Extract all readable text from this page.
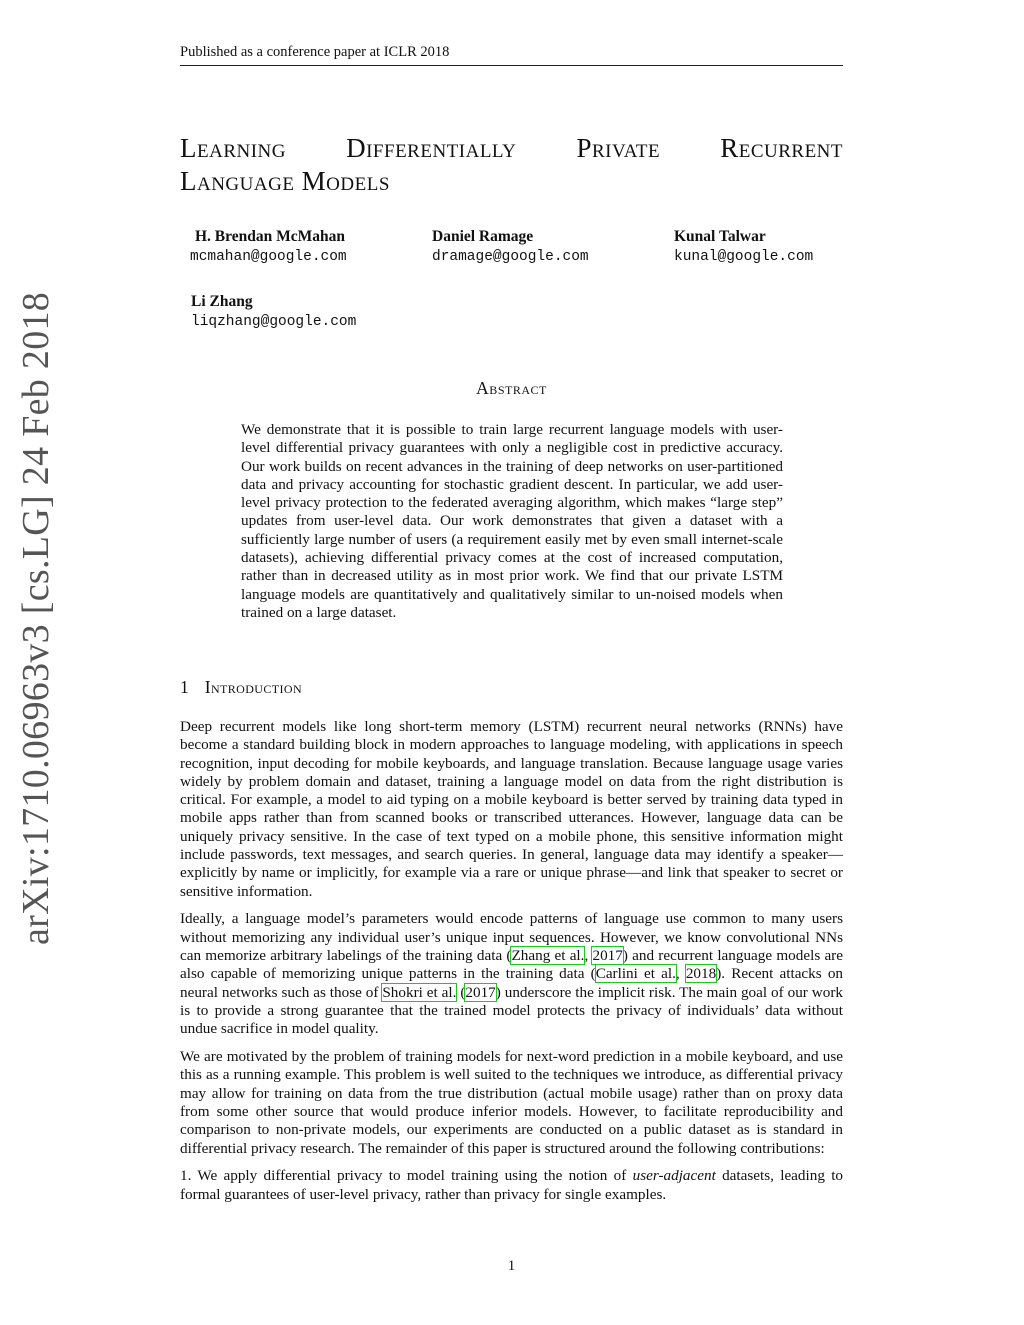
Published as a conference paper at ICLR 2018
Learning Differentially Private Recurrent
Language Models
H. Brendan McMahan
mcmahan@google.com
Daniel Ramage
dramage@google.com
Kunal Talwar
kunal@google.com
Li Zhang
liqzhang@google.com
arXiv:1710.06963v3 [cs.LG] 24 Feb 2018	Abstract

We demonstrate that it is possible to train large recurrent language models with user-level differential privacy guarantees with only a negligible cost in predictive accuracy. Our work builds on recent advances in the training of deep networks on user-partitioned data and privacy accounting for stochastic gradient descent. In particular, we add user-level privacy protection to the federated averaging algorithm, which makes “large step” updates from user-level data. Our work demonstrates that given a dataset with a sufficiently large number of users (a requirement easily met by even small internet-scale datasets), achieving differential privacy comes at the cost of increased computation, rather than in decreased utility as in most prior work. We find that our private LSTM language models are quantitatively and qualitatively similar to un-noised models when trained on a large dataset.

1 Introduction

Deep recurrent models like long short-term memory (LSTM) recurrent neural networks (RNNs) have become a standard building block in modern approaches to language modeling, with applications in speech recognition, input decoding for mobile keyboards, and language translation. Because language usage varies widely by problem domain and dataset, training a language model on data from the right distribution is critical. For example, a model to aid typing on a mobile keyboard is better served by training data typed in mobile apps rather than from scanned books or transcribed utterances. However, language data can be uniquely privacy sensitive. In the case of text typed on a mobile phone, this sensitive information might include passwords, text messages, and search queries. In general, language data may identify a speaker—explicitly by name or implicitly, for example via a rare or unique phrase—and link that speaker to secret or sensitive information.

Ideally, a language model’s parameters would encode patterns of language use common to many users without memorizing any individual user’s unique input sequences. However, we know convolutional NNs can memorize arbitrary labelings of the training data (Zhang et al., 2017) and recurrent language models are also capable of memorizing unique patterns in the training data (Carlini et al., 2018). Recent attacks on neural networks such as those of Shokri et al. (2017) underscore the implicit risk. The main goal of our work is to provide a strong guarantee that the trained model protects the privacy of individuals’ data without undue sacrifice in model quality.

We are motivated by the problem of training models for next-word prediction in a mobile keyboard, and use this as a running example. This problem is well suited to the techniques we introduce, as differential privacy may allow for training on data from the true distribution (actual mobile usage) rather than on proxy data from some other source that would produce inferior models. However, to facilitate reproducibility and comparison to non-private models, our experiments are conducted on a public dataset as is standard in differential privacy research. The remainder of this paper is structured around the following contributions:

1. We apply differential privacy to model training using the notion of user-adjacent datasets, leading to formal guarantees of user-level privacy, rather than privacy for single examples.

1
